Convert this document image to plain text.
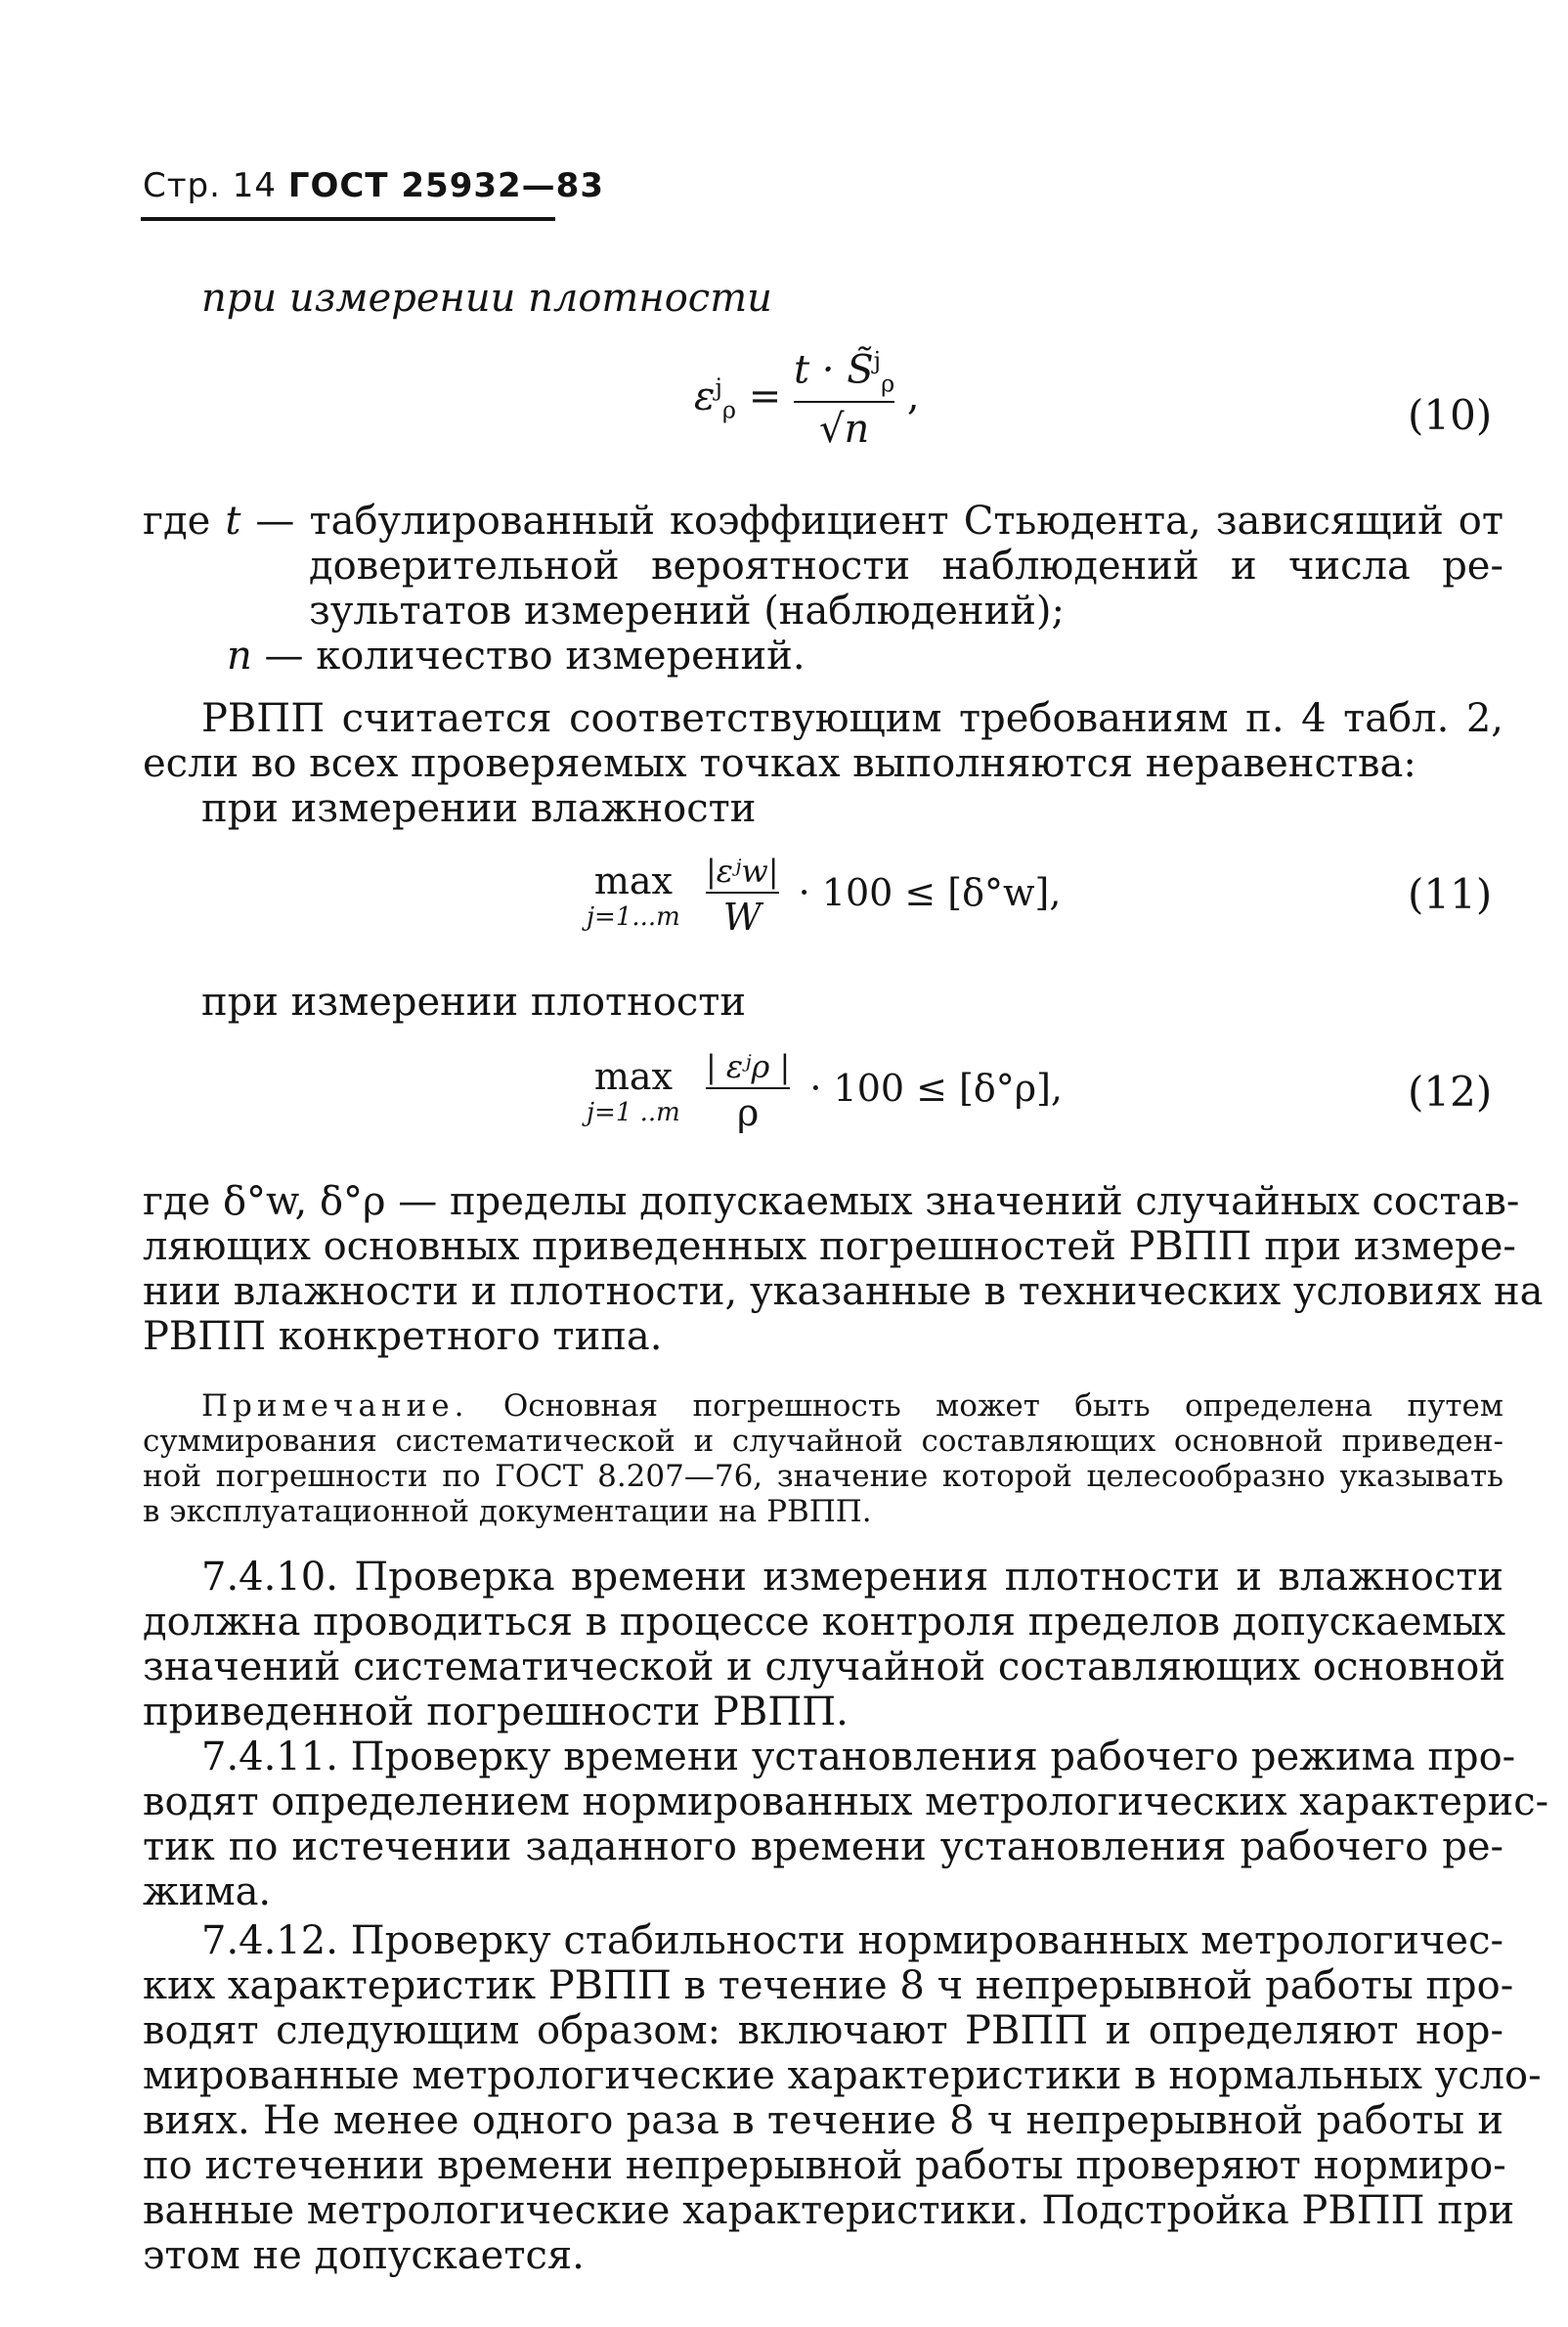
Стр. 14 ГОСТ 25932—83
при измерении плотности
$\varepsilon^j_\rho = \frac{t \cdot S̃^j_\rho}{√n}$ ,	(10)
где t — табулированный коэффициент Стьюдента, зависящий от
доверительной вероятности наблюдений и числа ре-
зультатов измерений (наблюдений);
n — количество измерений.
РВПП считается соответствующим требованиям п. 4 табл. 2,
если во всех проверяемых точках выполняются неравенства:
при измерении влажности
max
j=1...m
$\frac{\text{|εʲw|}}{W} \cdot 100 \le [\delta^\circ w]$,	(11)
при измерении плотности
max
j=1 ..m
$\frac{\text{| εʲρ |}}{\rho} \cdot 100 \le [\delta^\circ\rho]$,	(12)
где δ°w, δ°ρ — пределы допускаемых значений случайных состав-
ляющих основных приведенных погрешностей РВПП при измере-
нии влажности и плотности, указанные в технических условиях на
РВПП конкретного типа.
Примечание. Основная погрешность может быть определена путем
суммирования систематической и случайной составляющих основной приведен-
ной погрешности по ГОСТ 8.207—76, значение которой целесообразно указывать
в эксплуатационной документации на РВПП.
7.4.10. Проверка времени измерения плотности и влажности
должна проводиться в процессе контроля пределов допускаемых
значений систематической и случайной составляющих основной
приведенной погрешности РВПП.
7.4.11. Проверку времени установления рабочего режима про-
водят определением нормированных метрологических характерис-
тик по истечении заданного времени установления рабочего ре-
жима.
7.4.12. Проверку стабильности нормированных метрологичес-
ких характеристик РВПП в течение 8 ч непрерывной работы про-
водят следующим образом: включают РВПП и определяют нор-
мированные метрологические характеристики в нормальных усло-
виях. Не менее одного раза в течение 8 ч непрерывной работы и
по истечении времени непрерывной работы проверяют нормиро-
ванные метрологические характеристики. Подстройка РВПП при
этом не допускается.
